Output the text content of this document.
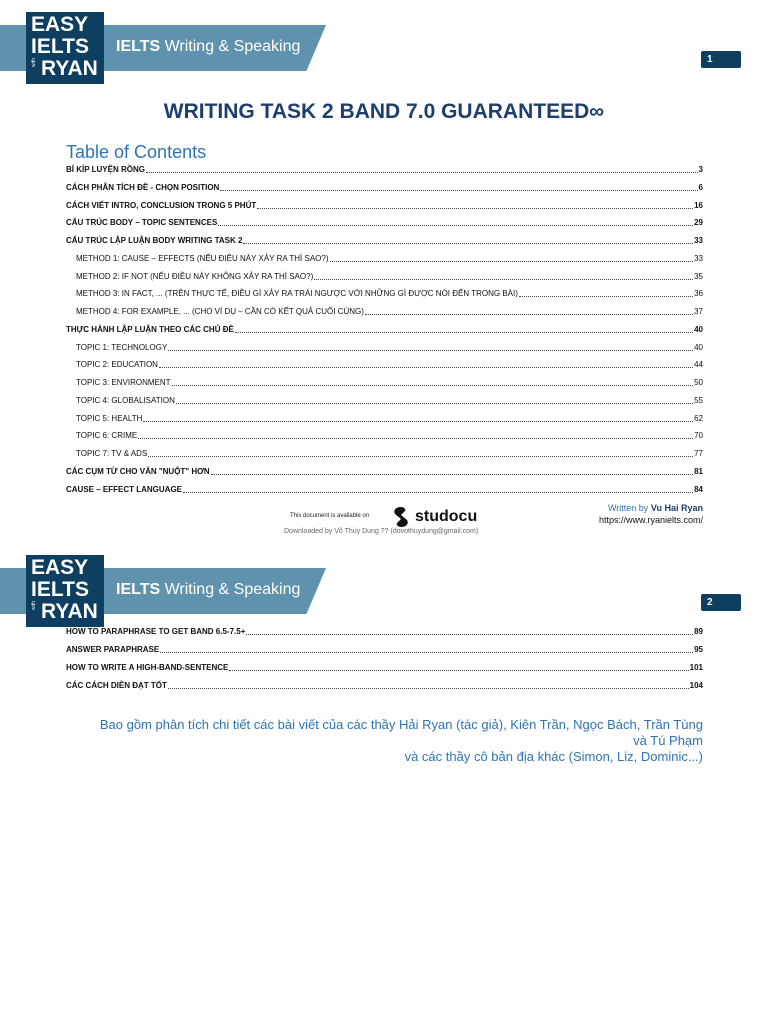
EASY
IELTS
with RYAN
IELTS Writing & Speaking
1
WRITING TASK 2 BAND 7.0 GUARANTEED∞
Table of Contents
BÍ KÍP LUYỆN RỒNG	3
CÁCH PHÂN TÍCH ĐỀ - CHỌN POSITION	6
CÁCH VIẾT INTRO, CONCLUSION TRONG 5 PHÚT	16
CẤU TRÚC BODY – TOPIC SENTENCES	29
CẤU TRÚC LẬP LUẬN BODY WRITING TASK 2	33
METHOD 1: CAUSE – EFFECTS (NẾU ĐIỀU NÀY XẢY RA THÌ SAO?)	33
METHOD 2: IF NOT (NẾU ĐIỀU NÀY KHÔNG XẢY RA THÌ SAO?)	35
METHOD 3: IN FACT, ... (TRÊN THỰC TẾ, ĐIỀU GÌ XẢY RA TRÁI NGƯỢC VỚI NHỮNG GÌ ĐƯỢC NÓI ĐẾN TRONG BÀI)	36
METHOD 4: FOR EXAMPLE, ... (CHO VÍ DỤ – CẦN CÓ KẾT QUẢ CUỐI CÙNG)	37
THỰC HÀNH LẬP LUẬN THEO CÁC CHỦ ĐỀ	40
TOPIC 1: TECHNOLOGY	40
TOPIC 2: EDUCATION	44
TOPIC 3: ENVIRONMENT	50
TOPIC 4: GLOBALISATION	55
TOPIC 5: HEALTH	62
TOPIC 6: CRIME	70
TOPIC 7: TV & ADS	77
CÁC CỤM TỪ CHO VĂN "NUỘT" HƠN	81
CAUSE – EFFECT LANGUAGE	84
This document is available on	studocu
Downloaded by Võ Thùy Dung ?? (dovothuydung@gmail.com)
Written by Vu Hai Ryan
https://www.ryanielts.com/
EASY
IELTS
with RYAN
IELTS Writing & Speaking
2
HOW TO PARAPHRASE TO GET BAND 6.5-7.5+	89
ANSWER PARAPHRASE	95
HOW TO WRITE A HIGH-BAND-SENTENCE	101
CÁC CÁCH DIỄN ĐẠT TỐT	104
Bao gồm phân tích chi tiết các bài viết của các thầy Hải Ryan (tác giả), Kiên Trần, Ngọc Bách, Trần Tùng
và Tú Phạm
và các thầy cô bản địa khác (Simon, Liz, Dominic...)
